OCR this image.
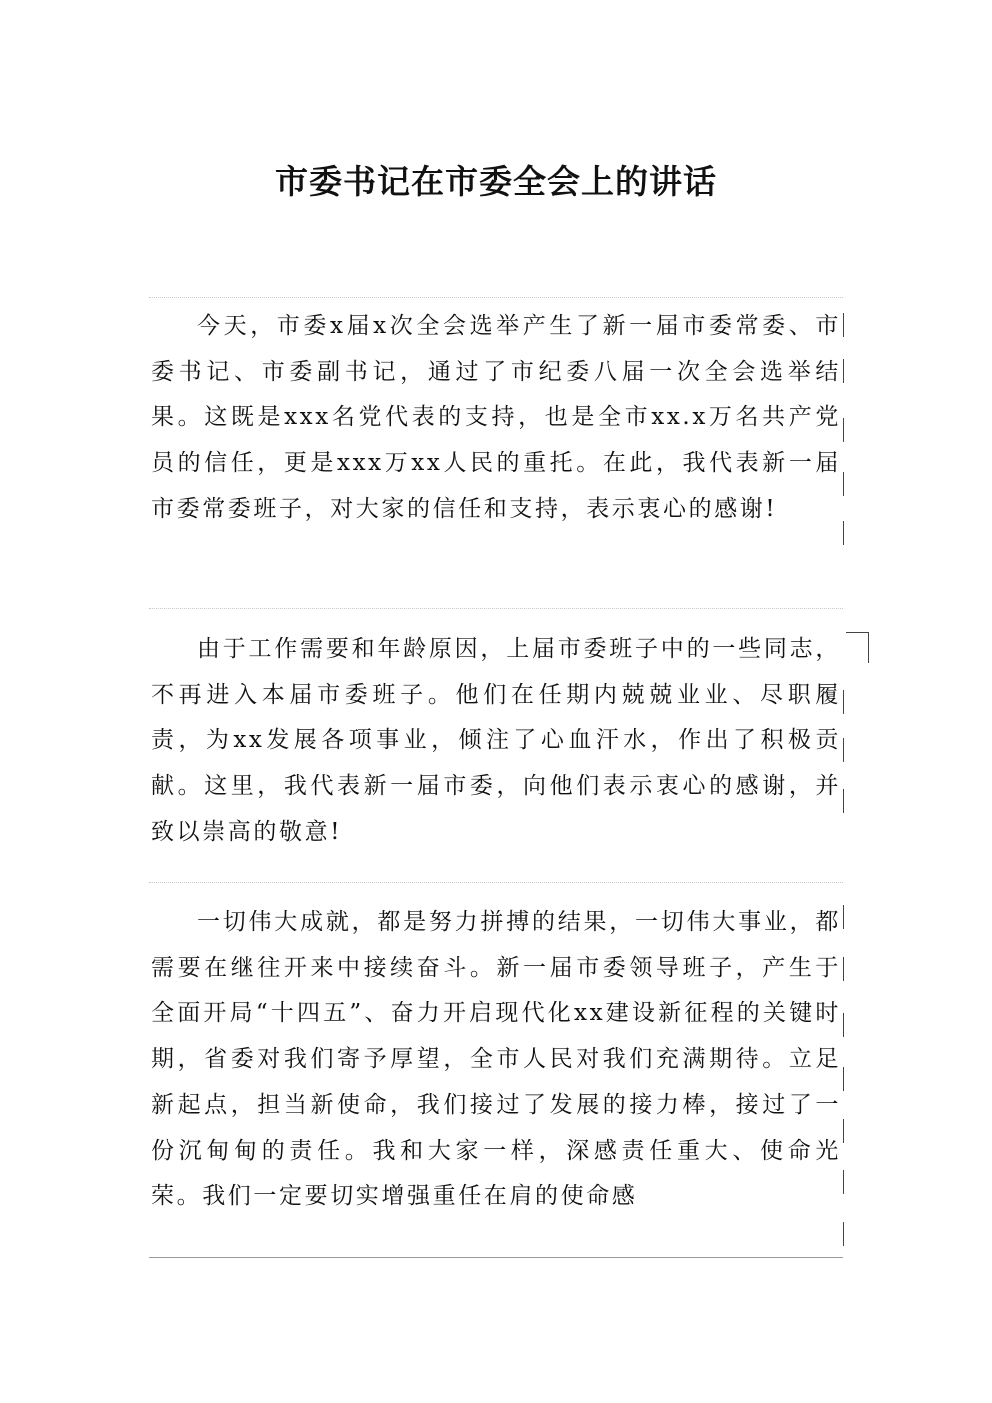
市委书记在市委全会上的讲话

今天，市委x届x次全会选举产生了新一届市委常委、市委书记、市委副书记，通过了市纪委八届一次全会选举结果。这既是xxx名党代表的支持，也是全市xx.x万名共产党员的信任，更是xxx万xx人民的重托。在此，我代表新一届市委常委班子，对大家的信任和支持，表示衷心的感谢!

由于工作需要和年龄原因，上届市委班子中的一些同志，不再进入本届市委班子。他们在任期内兢兢业业、尽职履责，为xx发展各项事业，倾注了心血汗水，作出了积极贡献。这里，我代表新一届市委，向他们表示衷心的感谢，并致以崇高的敬意!

一切伟大成就，都是努力拼搏的结果，一切伟大事业，都需要在继往开来中接续奋斗。新一届市委领导班子，产生于全面开局“十四五”、奋力开启现代化xx建设新征程的关键时期，省委对我们寄予厚望，全市人民对我们充满期待。立足新起点，担当新使命，我们接过了发展的接力棒，接过了一份沉甸甸的责任。我和大家一样，深感责任重大、使命光荣。我们一定要切实增强重任在肩的使命感
